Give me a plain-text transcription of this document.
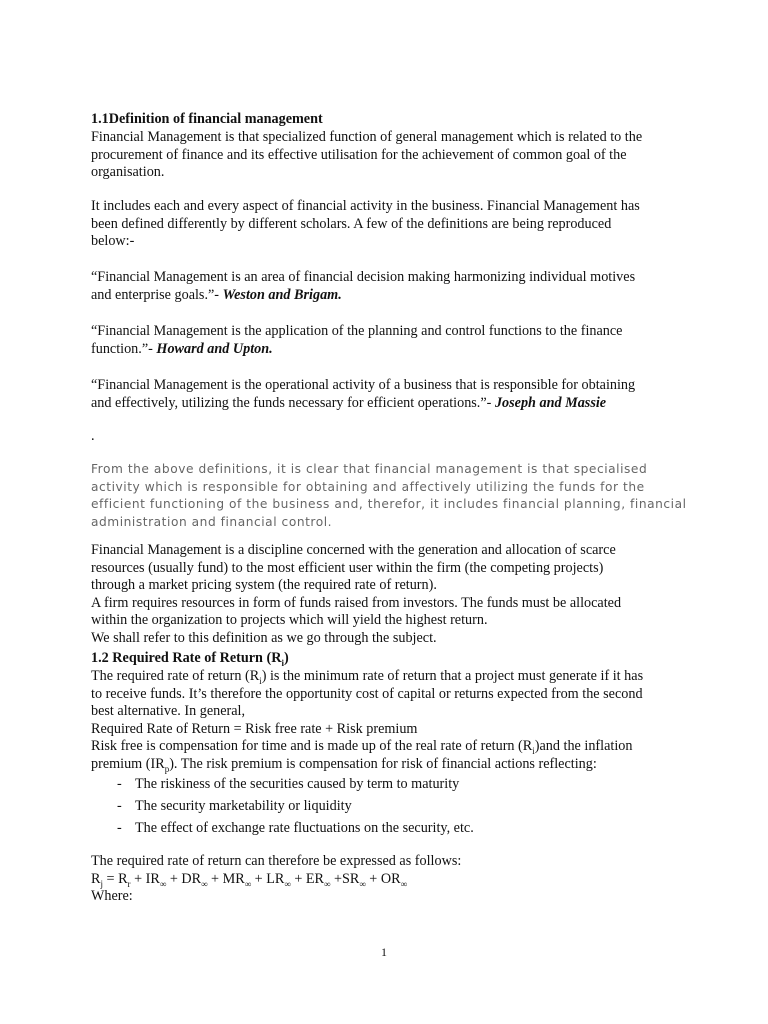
1.1Definition of financial management
Financial Management is that specialized function of general management which is related to the
procurement of finance and its effective utilisation for the achievement of common goal of the
organisation.
It includes each and every aspect of financial activity in the business. Financial Management has
been defined differently by different scholars. A few of the definitions are being reproduced
below:-
“Financial Management is an area of financial decision making harmonizing individual motives
and enterprise goals.”- Weston and Brigam.
“Financial Management is the application of the planning and control functions to the finance
function.”- Howard and Upton.
“Financial Management is the operational activity of a business that is responsible for obtaining
and effectively, utilizing the funds necessary for efficient operations.”- Joseph and Massie
.
From the above definitions, it is clear that financial management is that specialised
activity which is responsible for obtaining and affectively utilizing the funds for the
efficient functioning of the business and, therefor, it includes financial planning, financial
administration and financial control.
Financial Management is a discipline concerned with the generation and allocation of scarce
resources (usually fund) to the most efficient user within the firm (the competing projects)
through a market pricing system (the required rate of return).
A firm requires resources in form of funds raised from investors. The funds must be allocated
within the organization to projects which will yield the highest return.
We shall refer to this definition as we go through the subject.
1.2 Required Rate of Return $(R_i)$
The required rate of return $(R_i)$ is the minimum rate of return that a project must generate if it has
to receive funds. It’s therefore the opportunity cost of capital or returns expected from the second
best alternative. In general,
Required Rate of Return = Risk free rate + Risk premium
Risk free is compensation for time and is made up of the real rate of return $(R_i)and$ the inflation
premium $(IR_p)$. The risk premium is compensation for risk of financial actions reflecting:
- The riskiness of the securities caused by term to maturity
- The security marketability or liquidity
- The effect of exchange rate fluctuations on the security, etc.
The required rate of return can therefore be expressed as follows:
$R_j = R_r + IR_\infty + DR_\infty + MR_\infty + LR_\infty + ER_\infty +SR_\infty + OR_\infty$
Where:
1
